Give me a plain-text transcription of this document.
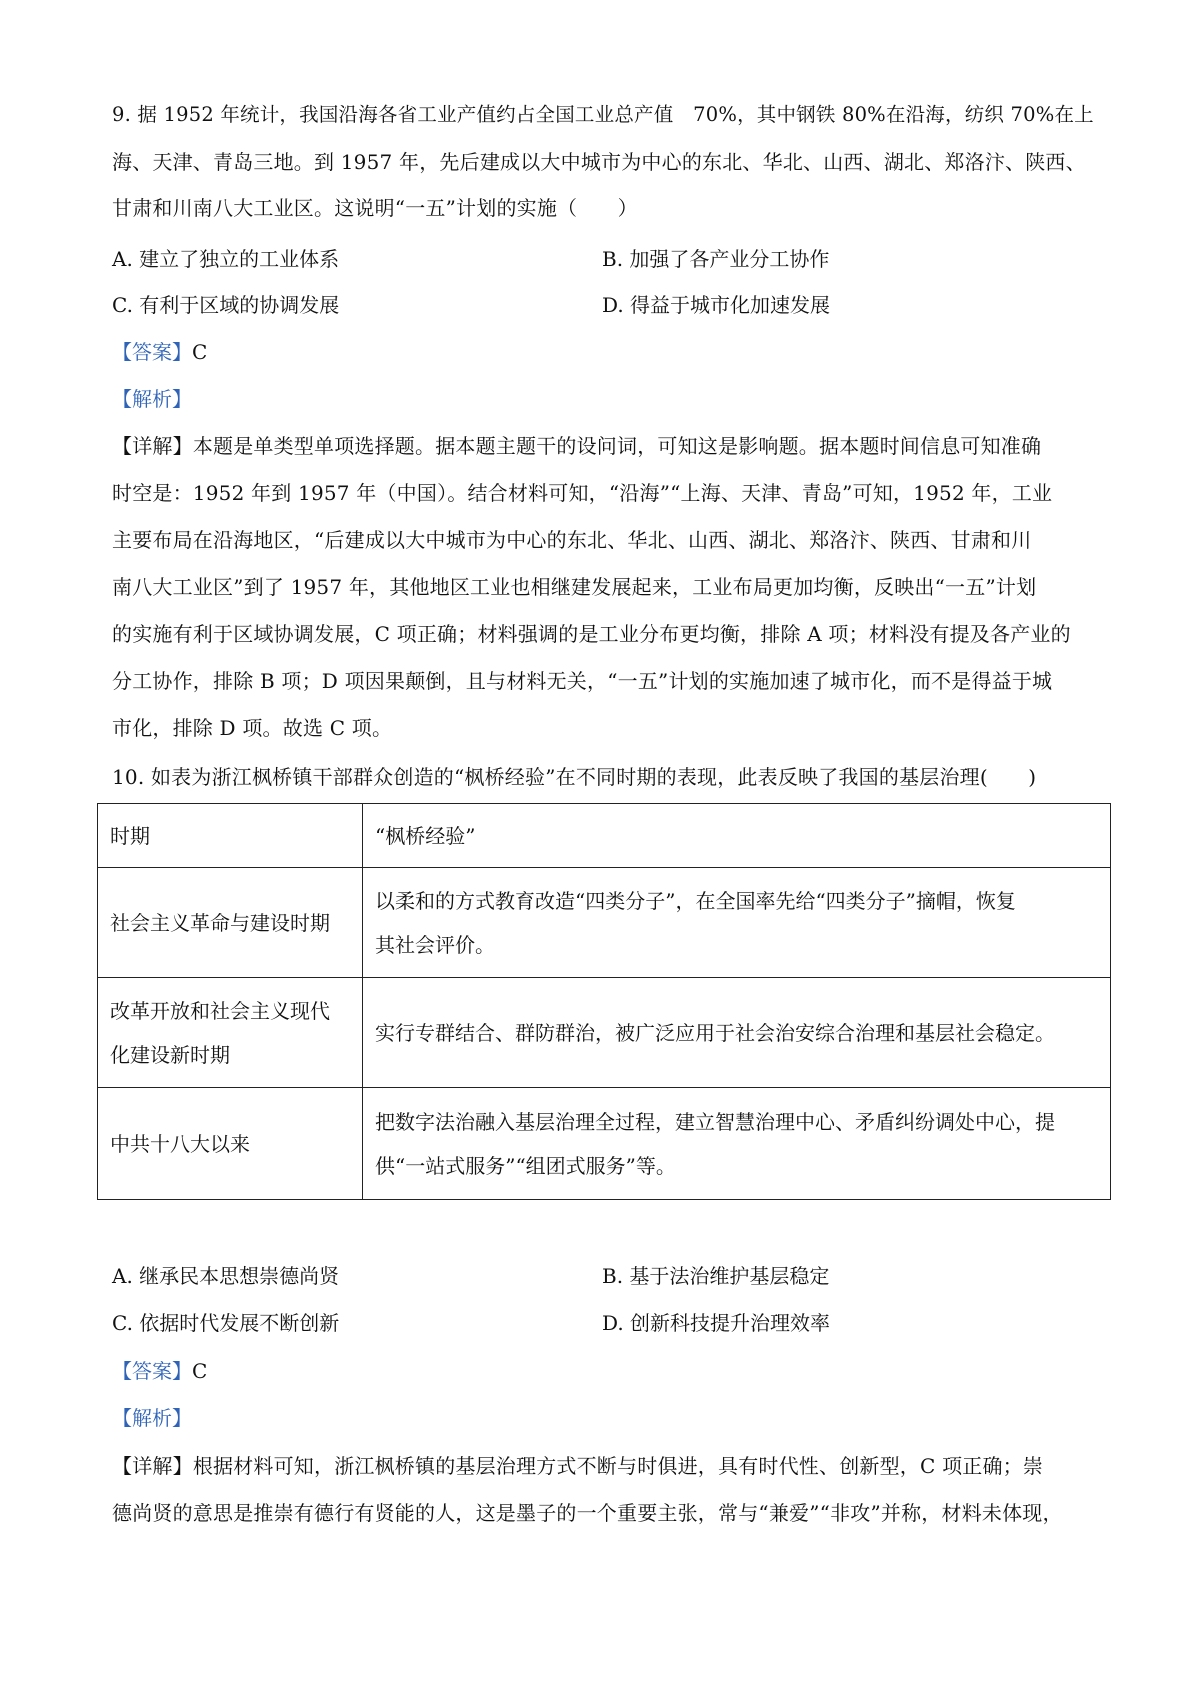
9. 据 1952 年统计，我国沿海各省工业产值约占全国工业总产值　70%，其中钢铁 80%在沿海，纺织 70%在上
海、天津、青岛三地。到 1957 年，先后建成以大中城市为中心的东北、华北、山西、湖北、郑洛汴、陕西、
甘肃和川南八大工业区。这说明“一五”计划的实施（　　）
A. 建立了独立的工业体系	B. 加强了各产业分工协作
C. 有利于区域的协调发展	D. 得益于城市化加速发展
【答案】C
【解析】
【详解】本题是单类型单项选择题。据本题主题干的设问词，可知这是影响题。据本题时间信息可知准确
时空是：1952 年到 1957 年（中国）。结合材料可知，“沿海”“上海、天津、青岛”可知，1952 年，工业
主要布局在沿海地区，“后建成以大中城市为中心的东北、华北、山西、湖北、郑洛汴、陕西、甘肃和川
南八大工业区”到了 1957 年，其他地区工业也相继建发展起来，工业布局更加均衡，反映出“一五”计划
的实施有利于区域协调发展，C 项正确；材料强调的是工业分布更均衡，排除 A 项；材料没有提及各产业的
分工协作，排除 B 项；D 项因果颠倒，且与材料无关，“一五”计划的实施加速了城市化，而不是得益于城
市化，排除 D 项。故选 C 项。
10. 如表为浙江枫桥镇干部群众创造的“枫桥经验”在不同时期的表现，此表反映了我国的基层治理(　　)
时期	“枫桥经验”

社会主义革命与建设时期	以柔和的方式教育改造“四类分子”，在全国率先给“四类分子”摘帽，恢复
其社会评价。

改革开放和社会主义现代
化建设新时期	实行专群结合、群防群治，被广泛应用于社会治安综合治理和基层社会稳定。

中共十八大以来	把数字法治融入基层治理全过程，建立智慧治理中心、矛盾纠纷调处中心，提
供“一站式服务”“组团式服务”等。
A. 继承民本思想崇德尚贤	B. 基于法治维护基层稳定
C. 依据时代发展不断创新	D. 创新科技提升治理效率
【答案】C
【解析】
【详解】根据材料可知，浙江枫桥镇的基层治理方式不断与时俱进，具有时代性、创新型，C 项正确；崇
德尚贤的意思是推崇有德行有贤能的人，这是墨子的一个重要主张，常与“兼爱”“非攻”并称，材料未体现，
